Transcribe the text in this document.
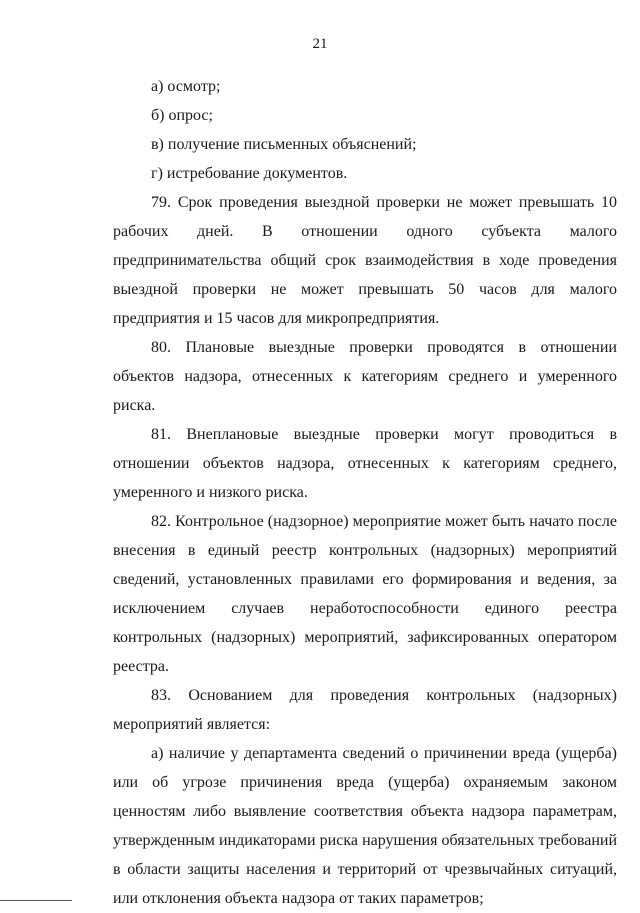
21

а) осмотр;

б) опрос;

в) получение письменных объяснений;

г) истребование документов.

79. Срок проведения выездной проверки не может превышать 10 рабочих дней. В отношении одного субъекта малого предпринимательства общий срок взаимодействия в ходе проведения выездной проверки не может превышать 50 часов для малого предприятия и 15 часов для микропредприятия.

80. Плановые выездные проверки проводятся в отношении объектов надзора, отнесенных к категориям среднего и умеренного риска.

81. Внеплановые выездные проверки могут проводиться в отношении объектов надзора, отнесенных к категориям среднего, умеренного и низкого риска.

82. Контрольное (надзорное) мероприятие может быть начато после внесения в единый реестр контрольных (надзорных) мероприятий сведений, установленных правилами его формирования и ведения, за исключением случаев неработоспособности единого реестра контрольных (надзорных) мероприятий, зафиксированных оператором реестра.

83. Основанием для проведения контрольных (надзорных) мероприятий является:

а) наличие у департамента сведений о причинении вреда (ущерба) или об угрозе причинения вреда (ущерба) охраняемым законом ценностям либо выявление соответствия объекта надзора параметрам, утвержденным индикаторами риска нарушения обязательных требований в области защиты населения и территорий от чрезвычайных ситуаций, или отклонения объекта надзора от таких параметров;
